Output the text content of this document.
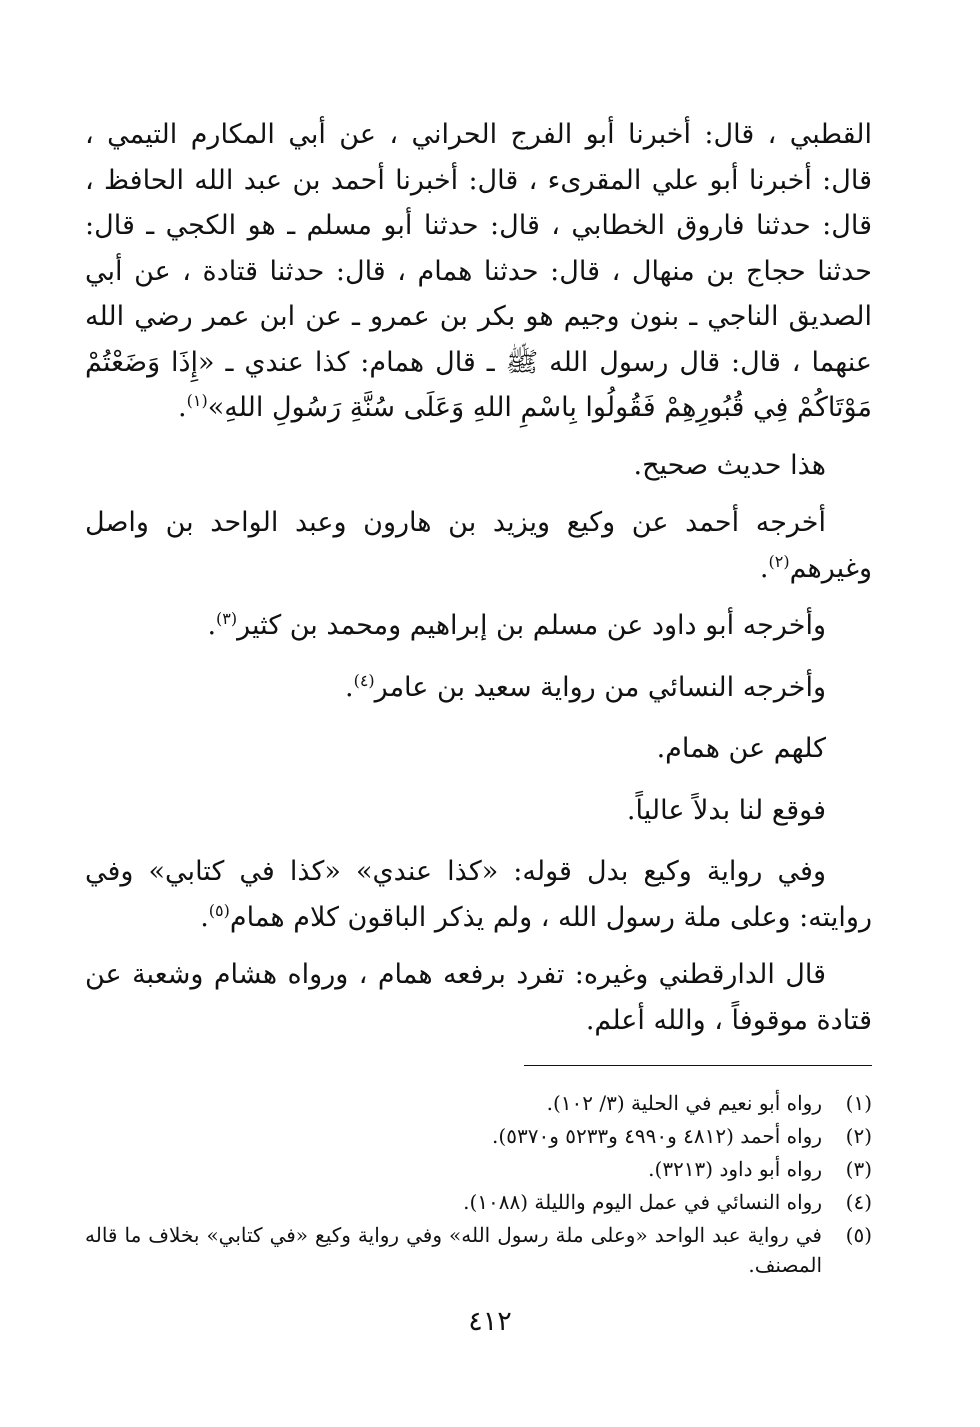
القطبي ، قال: أخبرنا أبو الفرج الحراني ، عن أبي المكارم التيمي ، قال: أخبرنا أبو علي المقرىء ، قال: أخبرنا أحمد بن عبد الله الحافظ ، قال: حدثنا فاروق الخطابي ، قال: حدثنا أبو مسلم ـ هو الكجي ـ قال: حدثنا حجاج بن منهال ، قال: حدثنا همام ، قال: حدثنا قتادة ، عن أبي الصديق الناجي ـ بنون وجيم هو بكر بن عمرو ـ عن ابن عمر رضي الله عنهما ، قال: قال رسول الله ﷺ ـ قال همام: كذا عندي ـ «إِذَا وَضَعْتُمْ مَوْتَاكُمْ فِي قُبُورِهِمْ فَقُولُوا بِاسْمِ اللهِ وَعَلَى سُنَّةِ رَسُولِ اللهِ»$^{(١)}$.

هذا حديث صحيح.

أخرجه أحمد عن وكيع ويزيد بن هارون وعبد الواحد بن واصل وغيرهم$^{(٢)}$.

وأخرجه أبو داود عن مسلم بن إبراهيم ومحمد بن كثير$^{(٣)}$.

وأخرجه النسائي من رواية سعيد بن عامر$^{(٤)}$.

كلهم عن همام.

فوقع لنا بدلاً عالياً.

وفي رواية وكيع بدل قوله: «كذا عندي» «كذا في كتابي» وفي روايته: وعلى ملة رسول الله ، ولم يذكر الباقون كلام همام$^{(٥)}$.

قال الدارقطني وغيره: تفرد برفعه همام ، ورواه هشام وشعبة عن قتادة موقوفاً ، والله أعلم.

(١)
رواه أبو نعيم في الحلية (٣/ ١٠٢).
(٢)
رواه أحمد (٤٨١٢ و٤٩٩٠ و٥٢٣٣ و٥٣٧٠).
(٣)
رواه أبو داود (٣٢١٣).
(٤)
رواه النسائي في عمل اليوم والليلة (١٠٨٨).
(٥)
في رواية عبد الواحد «وعلى ملة رسول الله» وفي رواية وكيع «في كتابي» بخلاف ما قاله المصنف.
٤١٢
